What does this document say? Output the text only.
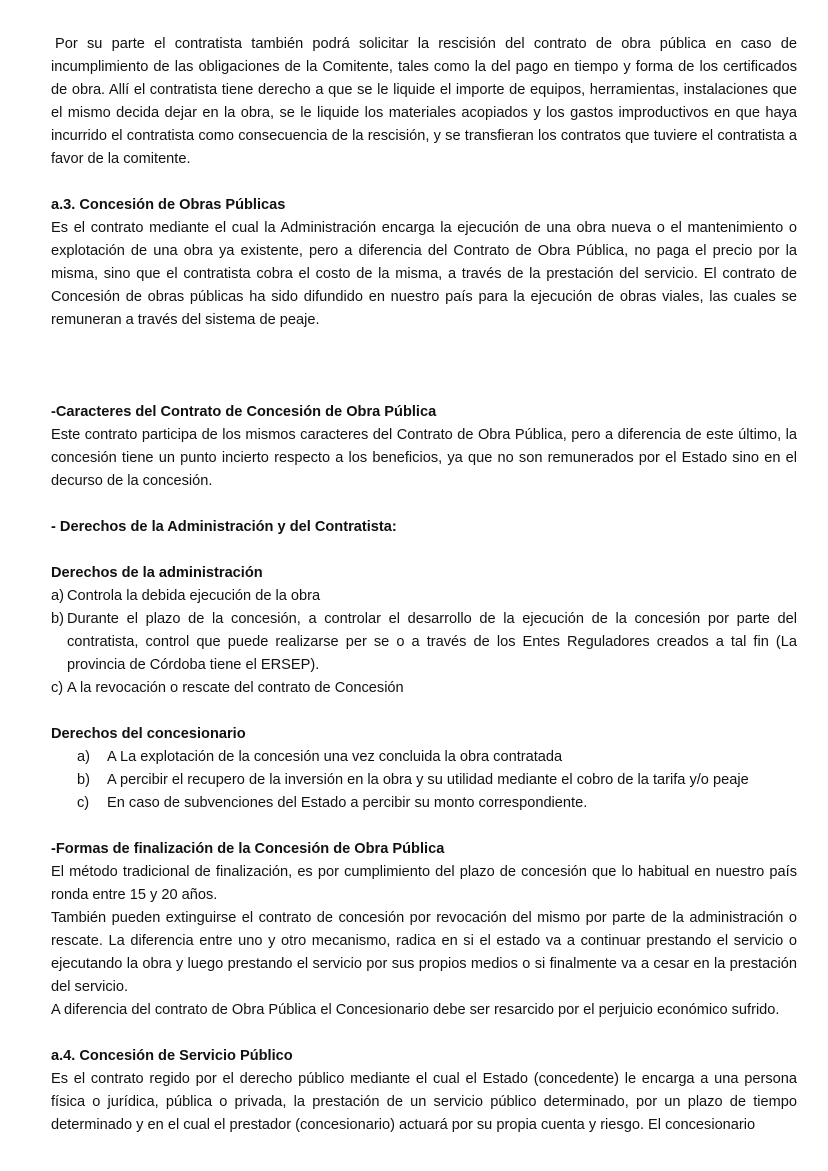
Por su parte el contratista también podrá solicitar la rescisión del contrato de obra pública en caso de incumplimiento de las obligaciones de la Comitente, tales como la del pago en tiempo y forma de los certificados de obra. Allí el contratista tiene derecho a que se le liquide el importe de equipos, herramientas, instalaciones que el mismo decida dejar en la obra, se le liquide los materiales acopiados y los gastos improductivos en que haya incurrido el contratista como consecuencia de la rescisión, y se transfieran los contratos que tuviere el contratista a favor de la comitente.

a.3. Concesión de Obras Públicas

Es el contrato mediante el cual la Administración encarga la ejecución de una obra nueva o el mantenimiento o explotación de una obra ya existente, pero a diferencia del Contrato de Obra Pública, no paga el precio por la misma, sino que el contratista cobra el costo de la misma, a través de la prestación del servicio. El contrato de Concesión de obras públicas ha sido difundido en nuestro país para la ejecución de obras viales, las cuales se remuneran a través del sistema de peaje.

-Caracteres del Contrato de Concesión de Obra Pública

Este contrato participa de los mismos caracteres del Contrato de Obra Pública, pero a diferencia de este último, la concesión tiene un punto incierto respecto a los beneficios, ya que no son remunerados por el Estado sino en el decurso de la concesión.

- Derechos de la Administración y del Contratista:

Derechos de la administración

a) Controla la debida ejecución de la obra
b) Durante el plazo de la concesión, a controlar el desarrollo de la ejecución de la concesión por parte del contratista, control que puede realizarse per se o a través de los Entes Reguladores creados a tal fin (La provincia de Córdoba tiene el ERSEP).
c) A la revocación o rescate del contrato de Concesión

Derechos del concesionario

a) A La explotación de la concesión una vez concluida la obra contratada
b) A percibir el recupero de la inversión en la obra y su utilidad mediante el cobro de la tarifa y/o peaje
c) En caso de subvenciones del Estado a percibir su monto correspondiente.

-Formas de finalización de la Concesión de Obra Pública

El método tradicional de finalización, es por cumplimiento del plazo de concesión que lo habitual en nuestro país ronda entre 15 y 20 años.

También pueden extinguirse el contrato de concesión por revocación del mismo por parte de la administración o rescate. La diferencia entre uno y otro mecanismo, radica en si el estado va a continuar prestando el servicio o ejecutando la obra y luego prestando el servicio por sus propios medios o si finalmente va a cesar en la prestación del servicio.

A diferencia del contrato de Obra Pública el Concesionario debe ser resarcido por el perjuicio económico sufrido.

a.4. Concesión de Servicio Público

Es el contrato regido por el derecho público mediante el cual el Estado (concedente) le encarga a una persona física o jurídica, pública o privada, la prestación de un servicio público determinado, por un plazo de tiempo determinado y en el cual el prestador (concesionario) actuará por su propia cuenta y riesgo. El concesionario
